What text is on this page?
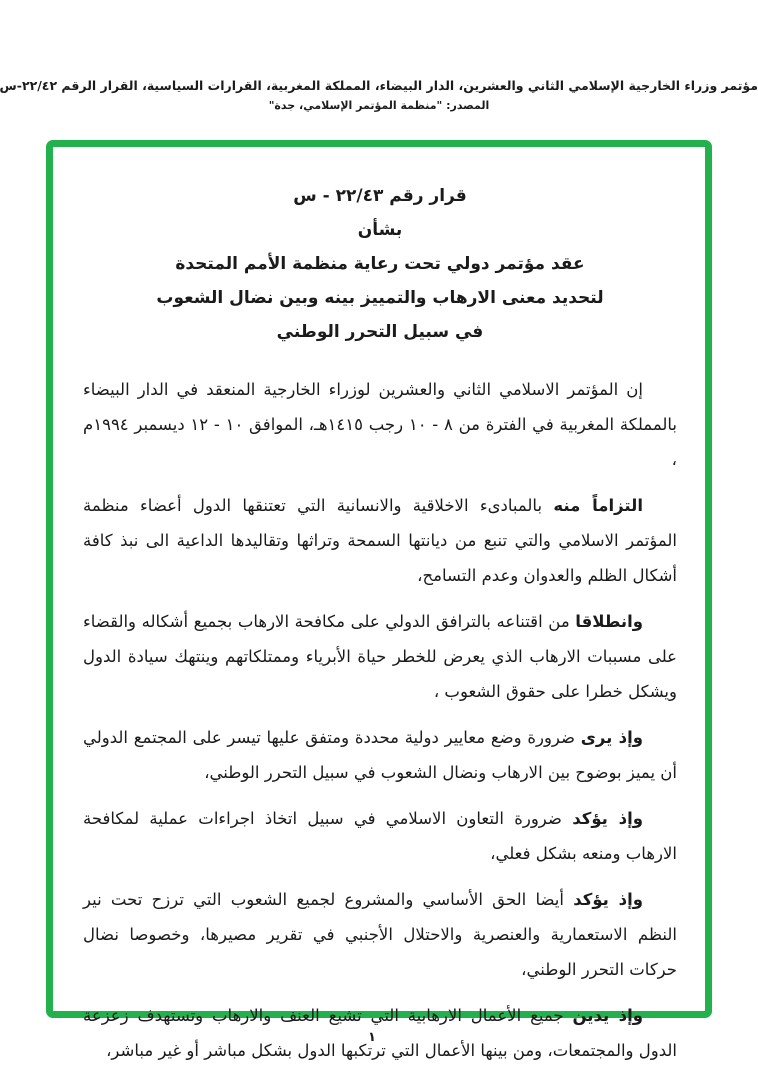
مؤتمر وزراء الخارجية الإسلامي الثاني والعشرين، الدار البيضاء، المملكة المغربية، القرارات السياسية، القرار الرقم ٢٢/٤٢-س
المصدر: "منظمة المؤتمر الإسلامي، جدة"
قرار رقم ٢٢/٤٣ - س
بشأن
عقد مؤتمر دولي تحت رعاية منظمة الأمم المتحدة
لتحديد معنى الارهاب والتمييز بينه وبين نضال الشعوب
في سبيل التحرر الوطني

إن المؤتمر الاسلامي الثاني والعشرين لوزراء الخارجية المنعقد في الدار البيضاء بالمملكة المغربية في الفترة من ٨ - ١٠ رجب ١٤١٥هـ، الموافق ١٠ - ١٢ ديسمبر ١٩٩٤م ،

التزاماً منه بالمبادىء الاخلاقية والانسانية التي تعتنقها الدول أعضاء منظمة المؤتمر الاسلامي والتي تنبع من ديانتها السمحة وتراثها وتقاليدها الداعية الى نبذ كافة أشكال الظلم والعدوان وعدم التسامح،

وانطلاقا من اقتناعه بالترافق الدولي على مكافحة الارهاب بجميع أشكاله والقضاء على مسببات الارهاب الذي يعرض للخطر حياة الأبرياء وممتلكاتهم وينتهك سيادة الدول ويشكل خطرا على حقوق الشعوب ،

وإذ يرى ضرورة وضع معايير دولية محددة ومتفق عليها تيسر على المجتمع الدولي أن يميز بوضوح بين الارهاب ونضال الشعوب في سبيل التحرر الوطني،

وإذ يؤكد ضرورة التعاون الاسلامي في سبيل اتخاذ اجراءات عملية لمكافحة الارهاب ومنعه بشكل فعلي،

وإذ يؤكد أيضا الحق الأساسي والمشروع لجميع الشعوب التي ترزح تحت نير النظم الاستعمارية والعنصرية والاحتلال الأجنبي في تقرير مصيرها، وخصوصا نضال حركات التحرر الوطني،

وإذ يدين جميع الأعمال الارهابية التي تشيع العنف والارهاب وتستهدف زعزعة الدول والمجتمعات، ومن بينها الأعمال التي ترتكبها الدول بشكل مباشر أو غير مباشر،

١
